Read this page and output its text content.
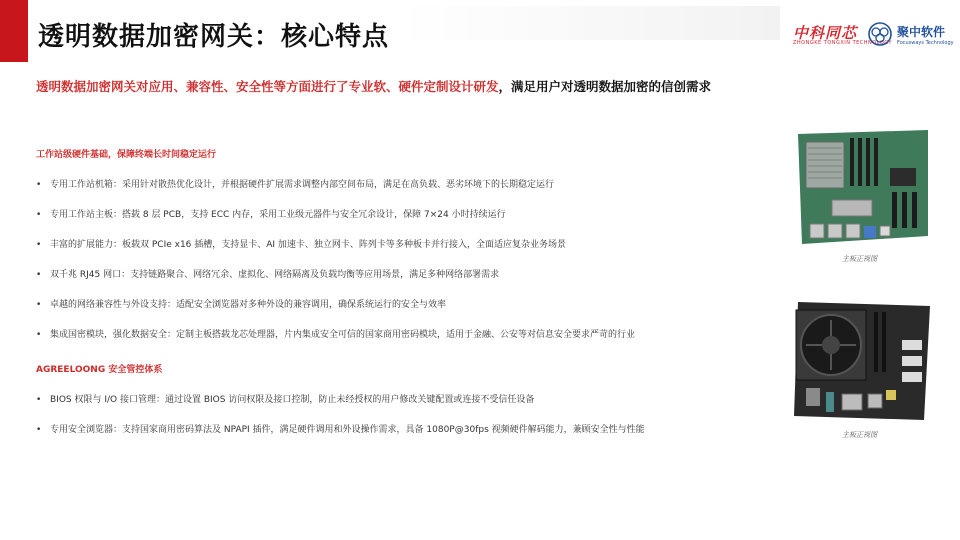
透明数据加密网关：核心特点	中科同芯
ZHONGKE TONGXIN TECHNOLOGY
聚中软件
Focusways Technology
透明数据加密网关对应用、兼容性、安全性等方面进行了专业软、硬件定制设计研发，满足用户对透明数据加密的信创需求
工作站级硬件基础，保障终端长时间稳定运行
• 专用工作站机箱：采用针对散热优化设计，并根据硬件扩展需求调整内部空间布局，满足在高负载、恶劣环境下的长期稳定运行
• 专用工作站主板：搭载 8 层 PCB，支持 ECC 内存，采用工业级元器件与安全冗余设计，保障 7×24 小时持续运行
• 丰富的扩展能力：板载双 PCIe x16 插槽，支持显卡、AI 加速卡、独立网卡、阵列卡等多种板卡并行接入，全面适应复杂业务场景
• 双千兆 RJ45 网口：支持链路聚合、网络冗余、虚拟化、网络隔离及负载均衡等应用场景，满足多种网络部署需求
• 卓越的网络兼容性与外设支持：适配安全浏览器对多种外设的兼容调用，确保系统运行的安全与效率
• 集成国密模块，强化数据安全：定制主板搭载龙芯处理器，片内集成安全可信的国家商用密码模块，适用于金融、公安等对信息安全要求严苛的行业
AGREELOONG 安全管控体系
• BIOS 权限与 I/O 接口管理：通过设置 BIOS 访问权限及接口控制，防止未经授权的用户修改关键配置或连接不受信任设备
• 专用安全浏览器：支持国家商用密码算法及 NPAPI 插件，满足硬件调用和外设操作需求，具备 1080P@30fps 视频硬件解码能力，兼顾安全性与性能
主板正视图
主板正视图
